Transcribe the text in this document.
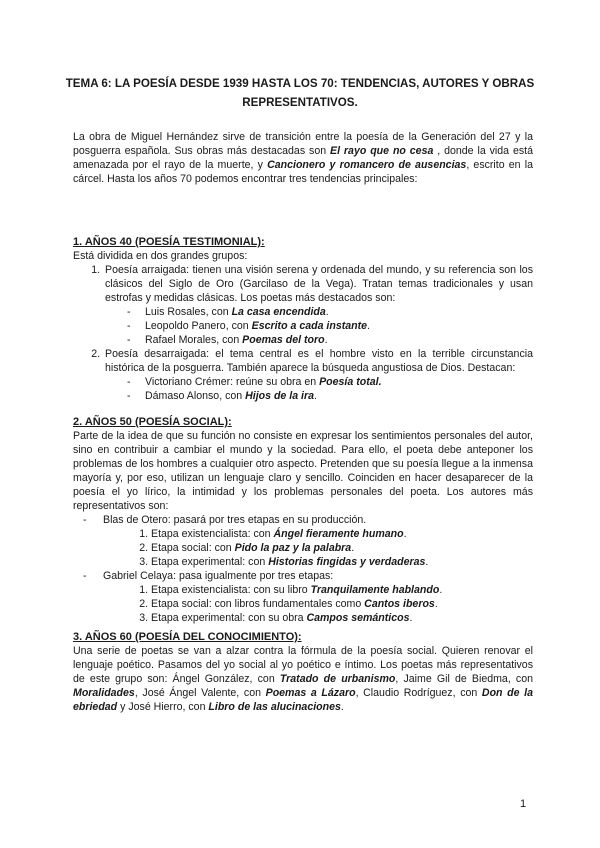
TEMA 6: LA POESÍA DESDE 1939 HASTA LOS 70: TENDENCIAS, AUTORES Y OBRAS REPRESENTATIVOS.

La obra de Miguel Hernández sirve de transición entre la poesía de la Generación del 27 y la posguerra española. Sus obras más destacadas son El rayo que no cesa , donde la vida está amenazada por el rayo de la muerte, y Cancionero y romancero de ausencias, escrito en la cárcel. Hasta los años 70 podemos encontrar tres tendencias principales:

1. AÑOS 40 (POESÍA TESTIMONIAL):
Está dividida en dos grandes grupos:
1. Poesía arraigada: tienen una visión serena y ordenada del mundo, y su referencia son los clásicos del Siglo de Oro (Garcilaso de la Vega). Tratan temas tradicionales y usan estrofas y medidas clásicas. Los poetas más destacados son:
- Luis Rosales, con La casa encendida.
- Leopoldo Panero, con Escrito a cada instante.
- Rafael Morales, con Poemas del toro.
2. Poesía desarraigada: el tema central es el hombre visto en la terrible circunstancia histórica de la posguerra. También aparece la búsqueda angustiosa de Dios. Destacan:
- Victoriano Crémer: reúne su obra en Poesía total.
- Dámaso Alonso, con Hijos de la ira.
2. AÑOS 50 (POESÍA SOCIAL):
Parte de la idea de que su función no consiste en expresar los sentimientos personales del autor, sino en contribuir a cambiar el mundo y la sociedad. Para ello, el poeta debe anteponer los problemas de los hombres a cualquier otro aspecto. Pretenden que su poesía llegue a la inmensa mayoría y, por eso, utilizan un lenguaje claro y sencillo. Coinciden en hacer desaparecer de la poesía el yo lírico, la intimidad y los problemas personales del poeta. Los autores más representativos son:
- Blas de Otero: pasará por tres etapas en su producción.
1. Etapa existencialista: con Ángel fieramente humano.
2. Etapa social: con Pido la paz y la palabra.
3. Etapa experimental: con Historias fingidas y verdaderas.
- Gabriel Celaya: pasa igualmente por tres etapas:
1. Etapa existencialista: con su libro Tranquilamente hablando.
2. Etapa social: con libros fundamentales como Cantos iberos.
3. Etapa experimental: con su obra Campos semánticos.
3. AÑOS 60 (POESÍA DEL CONOCIMIENTO):

Una serie de poetas se van a alzar contra la fórmula de la poesía social. Quieren renovar el lenguaje poético. Pasamos del yo social al yo poético e íntimo. Los poetas más representativos de este grupo son: Ángel González, con Tratado de urbanismo, Jaime Gil de Biedma, con Moralidades, José Ángel Valente, con Poemas a Lázaro, Claudio Rodríguez, con Don de la ebriedad y José Hierro, con Libro de las alucinaciones.

1
